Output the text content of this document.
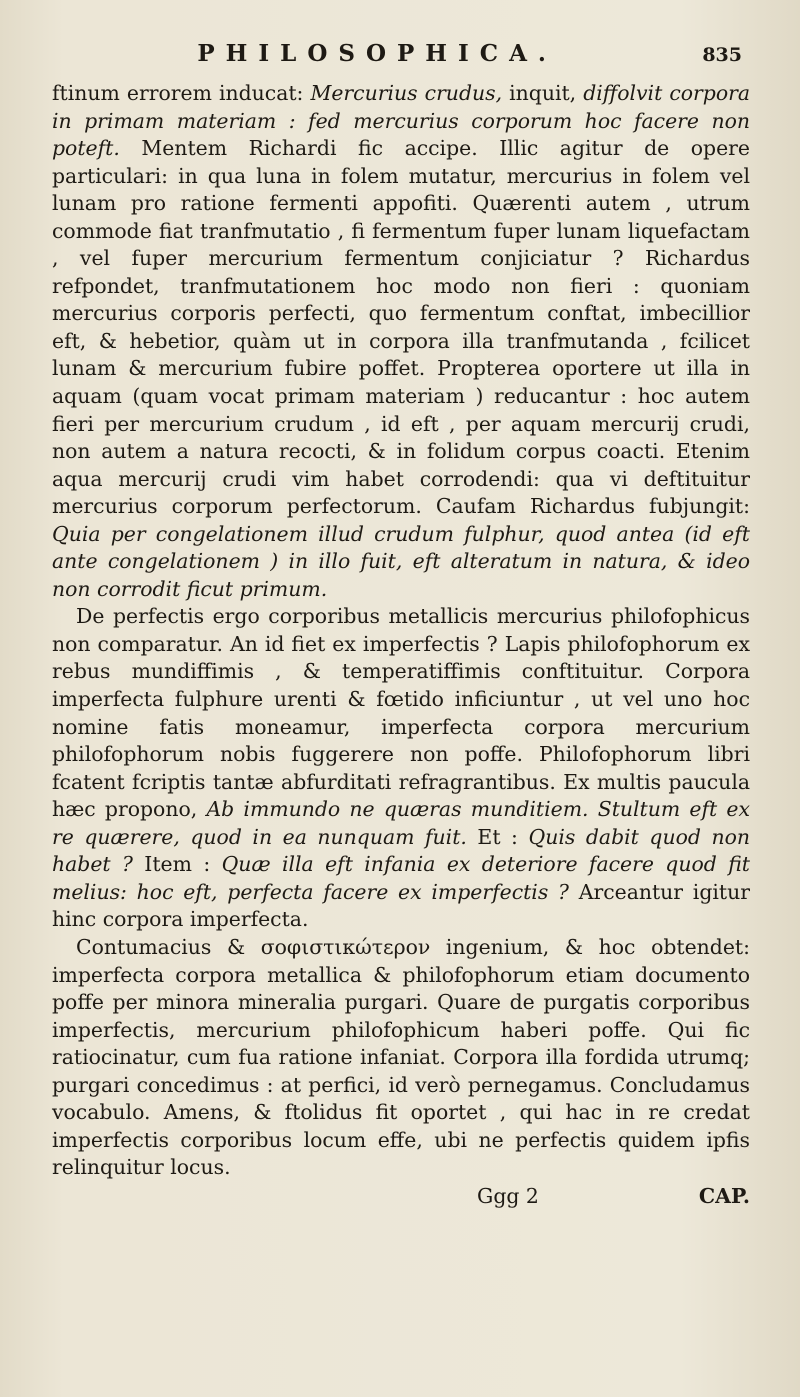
PHILOSOPHICA.	835

ftinum errorem inducat: Mercurius crudus, inquit, diffolvit corpora in primam materiam : fed mercurius corporum hoc facere non poteft. Mentem Richardi fic accipe. Illic agitur de opere particulari: in qua luna in folem mutatur, mercurius in folem vel lunam pro ratione fermenti appofiti. Quærenti autem , utrum commode fiat tranfmutatio , fi fermentum fuper lunam liquefactam , vel fuper mercurium fermentum conjiciatur ? Richardus refpondet, tranfmutationem hoc modo non fieri : quoniam mercurius corporis perfecti, quo fermentum conftat, imbecillior eft, & hebetior, quàm ut in corpora illa tranfmutanda , fcilicet lunam & mercurium fubire poffet. Propterea oportere ut illa in aquam (quam vocat primam materiam ) reducantur : hoc autem fieri per mercurium crudum , id eft , per aquam mercurij crudi, non autem a natura recocti, & in folidum corpus coacti. Etenim aqua mercurij crudi vim habet corrodendi: qua vi deftituitur mercurius corporum perfectorum. Caufam Richardus fubjungit: Quia per congelationem illud crudum fulphur, quod antea (id eft ante congelationem ) in illo fuit, eft alteratum in natura, & ideo non corrodit ficut primum.

De perfectis ergo corporibus metallicis mercurius philofophicus non comparatur. An id fiet ex imperfectis ? Lapis philofophorum ex rebus mundiffimis , & temperatiffimis conftituitur. Corpora imperfecta fulphure urenti & fœtido inficiuntur , ut vel uno hoc nomine fatis moneamur, imperfecta corpora mercurium philofophorum nobis fuggerere non poffe. Philofophorum libri fcatent fcriptis tantæ abfurditati refragrantibus. Ex multis paucula hæc propono, Ab immundo ne quæras munditiem. Stultum eft ex re quærere, quod in ea nunquam fuit. Et : Quis dabit quod non habet ? Item : Quæ illa eft infania ex deteriore facere quod fit melius: hoc eft, perfecta facere ex imperfectis ? Arceantur igitur hinc corpora imperfecta.

Contumacius & σοφιστικώτερον ingenium, & hoc obtendet: imperfecta corpora metallica & philofophorum etiam documento poffe per minora mineralia purgari. Quare de purgatis corporibus imperfectis, mercurium philofophicum haberi poffe. Qui fic ratiocinatur, cum fua ratione infaniat. Corpora illa fordida utrumq; purgari concedimus : at perfici, id verò pernegamus. Concludamus vocabulo. Amens, & ftolidus fit oportet , qui hac in re credat imperfectis corporibus locum effe, ubi ne perfectis quidem ipfis relinquitur locus.

Ggg 2	CAP.
